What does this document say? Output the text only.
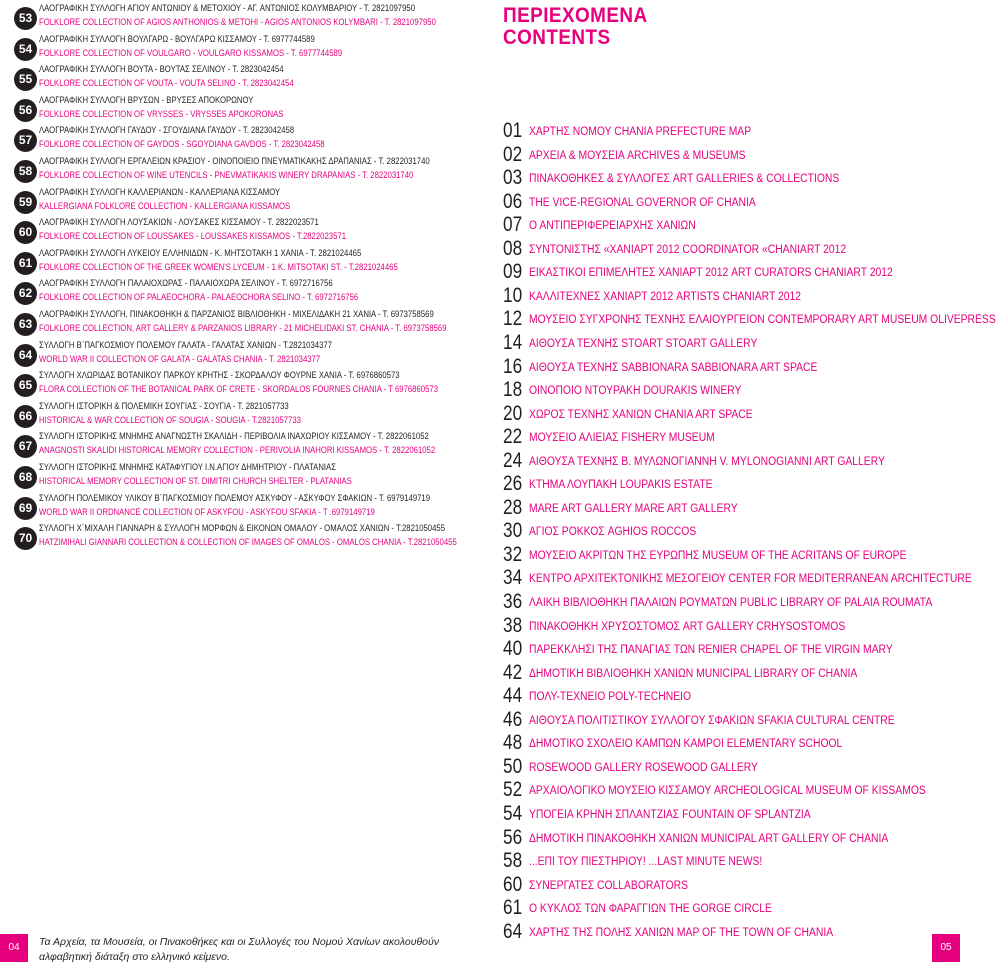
53
ΛΑΟΓΡΑΦΙΚΗ ΣΥΛΛΟΓΗ ΑΓΙΟΥ ΑΝΤΩΝΙΟΥ & ΜΕΤΟΧΙΟΥ - ΑΓ. ΑΝΤΩΝΙΟΣ ΚΟΛΥΜΒΑΡΙΟΥ - Τ. 2821097950
FOLKLORE COLLECTION OF AGIOS ANTHONIOS & METOHI - AGIOS ANTONIOS KOLYMBARI - T. 2821097950
54
ΛΑΟΓΡΑΦΙΚΗ ΣΥΛΛΟΓΗ ΒΟΥΛΓΑΡΩ - ΒΟΥΛΓΑΡΩ ΚΙΣΣΑΜΟΥ - Τ. 6977744589
FOLKLORE COLLECTION OF VOULGARO - VOULGARO KISSAMOS - T. 6977744589
55
ΛΑΟΓΡΑΦΙΚΗ ΣΥΛΛΟΓΗ ΒΟΥΤΑ - ΒΟΥΤΑΣ ΣΕΛΙΝΟΥ - Τ. 2823042454
FOLKLORE COLLECTION OF VOUTA - VOUTA SELINO - T. 2823042454
56
ΛΑΟΓΡΑΦΙΚΗ ΣΥΛΛΟΓΗ ΒΡΥΣΩΝ - ΒΡΥΣΕΣ ΑΠΟΚΟΡΩΝΟΥ
FOLKLORE COLLECTION OF VRYSSES - VRYSSES APOKORONAS
57
ΛΑΟΓΡΑΦΙΚΗ ΣΥΛΛΟΓΗ ΓΑΥΔΟΥ - ΣΓΟΥΔΙΑΝΑ ΓΑΥΔΟΥ - Τ. 2823042458
FOLKLORE COLLECTION OF GAYDOS - SGOYDIANA GAVDOS - T. 2823042458
58
ΛΑΟΓΡΑΦΙΚΗ ΣΥΛΛΟΓΗ ΕΡΓΑΛΕΙΩΝ ΚΡΑΣΙΟΥ - ΟΙΝΟΠΟΙΕΙΟ ΠΝΕΥΜΑΤΙΚΑΚΗΣ ΔΡΑΠΑΝΙΑΣ - Τ. 2822031740
FOLKLORE COLLECTION OF WINE UTENCILS - PNEVMATIKAKIS WINERY DRAPANIAS - T. 2822031740
59
ΛΑΟΓΡΑΦΙΚΗ ΣΥΛΛΟΓΗ ΚΑΛΛΕΡΙΑΝΩΝ - ΚΑΛΛΕΡΙΑΝΑ ΚΙΣΣΑΜΟΥ
KALLERGIANA FOLKLORE COLLECTION - KALLERGIANA KISSAMOS
60
ΛΑΟΓΡΑΦΙΚΗ ΣΥΛΛΟΓΗ ΛΟΥΣΑΚΙΩΝ - ΛΟΥΣΑΚΕΣ ΚΙΣΣΑΜΟΥ - Τ. 2822023571
FOLKLORE COLLECTION OF LOUSSAKES - LOUSSAKES KISSAMOS - T.2822023571
61
ΛΑΟΓΡΑΦΙΚΗ ΣΥΛΛΟΓΗ ΛΥΚΕΙΟΥ ΕΛΛΗΝΙΔΩΝ - Κ. ΜΗΤΣΟΤΑΚΗ 1 ΧΑΝΙΑ - Τ. 2821024465
FOLKLORE COLLECTION OF THE GREEK WOMEN'S LYCEUM - 1 K. MITSOTAKI ST. - T.2821024465
62
ΛΑΟΓΡΑΦΙΚΗ ΣΥΛΛΟΓΗ ΠΑΛΑΙΟΧΩΡΑΣ - ΠΑΛΑΙΟΧΩΡΑ ΣΕΛΙΝΟΥ - Τ. 6972716756
FOLKLORE COLLECTION OF PALAEOCHORA - PALAEOCHORA SELINO - T. 6972716756
63
ΛΑΟΓΡΑΦΙΚΗ ΣΥΛΛΟΓΗ, ΠΙΝΑΚΟΘΗΚΗ & ΠΑΡΖΑΝΙΟΣ ΒΙΒΛΙΟΘΗΚΗ - ΜΙΧΕΛΙΔΑΚΗ 21 ΧΑΝΙΑ - Τ. 6973758569
FOLKLORE COLLECTION, ART GALLERY & PARZANIOS LIBRARY - 21 MICHELIDAKI ST. CHANIA - T. 6973758569
64
ΣΥΛΛΟΓΗ Β΄ΠΑΓΚΟΣΜΙΟΥ ΠΟΛΕΜΟΥ ΓΑΛΑΤΑ - ΓΑΛΑΤΑΣ ΧΑΝΙΩΝ - Τ.2821034377
WORLD WAR II COLLECTION OF GALATA - GALATAS CHANIA - T. 2821034377
65
ΣΥΛΛΟΓΗ ΧΛΩΡΙΔΑΣ ΒΟΤΑΝΙΚΟΥ ΠΑΡΚΟΥ ΚΡΗΤΗΣ - ΣΚΟΡΔΑΛΟΥ ΦΟΥΡΝΕ ΧΑΝΙΑ - Τ. 6976860573
FLORA COLLECTION OF THE BOTANICAL PARK OF CRETE - SKORDALOS FOURNES CHANIA - T 6976860573
66
ΣΥΛΛΟΓΗ ΙΣΤΟΡΙΚΗ & ΠΟΛΕΜΙΚΗ ΣΟΥΓΙΑΣ - ΣΟΥΓΙΑ - Τ. 2821057733
HISTORICAL & WAR COLLECTION OF SOUGIA - SOUGIA - T.2821057733
67
ΣΥΛΛΟΓΗ ΙΣΤΟΡΙΚΗΣ ΜΝΗΜΗΣ ΑΝΑΓΝΩΣΤΗ ΣΚΑΛΙΔΗ - ΠΕΡΙΒΟΛΙΑ ΙΝΑΧΩΡΙΟΥ ΚΙΣΣΑΜΟΥ - Τ. 2822061052
ANAGNOSTI SKALIDI HISTORICAL MEMORY COLLECTION - PERIVOLIA INAHORI KISSAMOS - T. 2822061052
68
ΣΥΛΛΟΓΗ ΙΣΤΟΡΙΚΗΣ ΜΝΗΜΗΣ ΚΑΤΑΦΥΓΙΟΥ Ι.Ν.ΑΓΙΟΥ ΔΗΜΗΤΡΙΟΥ - ΠΛΑΤΑΝΙΑΣ
HISTORICAL MEMORY COLLECTION OF ST. DIMITRI CHURCH SHELTER - PLATANIAS
69
ΣΥΛΛΟΓΗ ΠΟΛΕΜΙΚΟΥ ΥΛΙΚΟΥ Β΄ΠΑΓΚΟΣΜΙΟΥ ΠΟΛΕΜΟΥ ΑΣΚΥΦΟΥ - ΑΣΚΥΦΟΥ ΣΦΑΚΙΩΝ - Τ. 6979149719
WORLD WAR II ORDNANCE COLLECTION OF ASKYFOU - ASKYFOU SFAKIA - T .6979149719
70
ΣΥΛΛΟΓΗ Χ΄ΜΙΧΑΛΗ ΓΙΑΝΝΑΡΗ & ΣΥΛΛΟΓΗ ΜΟΡΦΩΝ & ΕΙΚΟΝΩΝ ΟΜΑΛΟΥ - ΟΜΑΛΟΣ ΧΑΝΙΩΝ - Τ.2821050455
HATZIMIHALI GIANNARI COLLECTION & COLLECTION OF IMAGES OF OMALOS - OMALOS CHANIA - T.2821050455
ΠΕΡΙΕΧΟΜΕΝΑ
CONTENTS
01 ΧΑΡΤΗΣ ΝΟΜΟΥ CHANIA PREFECTURE MAP
02 ΑΡΧΕΙΑ & ΜΟΥΣΕΙΑ ARCHIVES & MUSEUMS
03 ΠΙΝΑΚΟΘΗΚΕΣ & ΣΥΛΛΟΓΕΣ ART GALLERIES & COLLECTIONS
06 THE VICE-REGIONAL GOVERNOR OF CHANIA
07 Ο ΑΝΤΙΠΕΡΙΦΕΡΕΙΑΡΧΗΣ ΧΑΝΙΩΝ
08 ΣΥΝΤΟΝΙΣΤΗΣ «ΧΑΝΙΑΡΤ 2012 COORDINATOR «CHANIART 2012
09 ΕΙΚΑΣΤΙΚΟΙ ΕΠΙΜΕΛΗΤΕΣ ΧΑΝΙΑΡΤ 2012 ART CURATORS CHANIART 2012
10 ΚΑΛΛΙΤΕΧΝΕΣ ΧΑΝΙΑΡΤ 2012 ARTISTS CHANIART 2012
12 ΜΟΥΣΕΙΟ ΣΥΓΧΡΟΝΗΣ ΤΕΧΝΗΣ ΕΛΑΙΟΥΡΓΕΙΟΝ CONTEMPORARY ART MUSEUM OLIVEPRESS
14 ΑΙΘΟΥΣΑ ΤΕΧΝΗΣ STOART STOART GALLERY
16 ΑΙΘΟΥΣΑ ΤΕΧΝΗΣ SABBIONARA SABBIONARA ART SPACE
18 ΟΙΝΟΠΟΙΟ ΝΤΟΥΡΑΚΗ DOURAKIS WINERY
20 ΧΩΡΟΣ ΤΕΧΝΗΣ ΧΑΝΙΩΝ CHANIA ART SPACE
22 ΜΟΥΣΕΙΟ ΑΛΙΕΙΑΣ FISHERY MUSEUM
24 ΑΙΘΟΥΣΑ ΤΕΧΝΗΣ Β. ΜΥΛΩΝΟΓΙΑΝΝΗ V. MYLONOGIANNI ART GALLERY
26 ΚΤΗΜΑ ΛΟΥΠΑΚΗ LOUPAKIS ESTATE
28 MARE ART GALLERY MARE ART GALLERY
30 ΑΓΙΟΣ ΡΟΚΚΟΣ AGHIOS ROCCOS
32 ΜΟΥΣΕΙΟ ΑΚΡΙΤΩΝ ΤΗΣ ΕΥΡΩΠΗΣ MUSEUM OF THE ACRITANS OF EUROPE
34 ΚΕΝΤΡΟ ΑΡΧΙΤΕΚΤΟΝΙΚΗΣ ΜΕΣΟΓΕΙΟΥ CENTER FOR MEDITERRANEAN ARCHITECTURE
36 ΛΑΪΚΗ ΒΙΒΛΙΟΘΗΚΗ ΠΑΛΑΙΩΝ ΡΟΥΜΑΤΩΝ PUBLIC LIBRARY OF PALAIA ROUMATA
38 ΠΙΝΑΚΟΘΗΚΗ ΧΡΥΣΟΣΤΟΜΟΣ ART GALLERY CRHYSOSTOMOS
40 ΠΑΡΕΚΚΛΗΣΙ ΤΗΣ ΠΑΝΑΓΙΑΣ ΤΩΝ RENIER CHAPEL OF THE VIRGIN MARY
42 ΔΗΜΟΤΙΚΗ ΒΙΒΛΙΟΘΗΚΗ ΧΑΝΙΩΝ MUNICIPAL LIBRARY OF CHANIA
44 ΠΟΛΥ-ΤΕΧΝΕΙΟ POLY-TECHNEIO
46 ΑΙΘΟΥΣΑ ΠΟΛΙΤΙΣΤΙΚΟΥ ΣΥΛΛΟΓΟΥ ΣΦΑΚΙΩΝ SFAKIA CULTURAL CENTRE
48 ΔΗΜΟΤΙΚΟ ΣΧΟΛΕΙΟ ΚΑΜΠΩΝ KAMPOI ELEMENTARY SCHOOL
50 ROSEWOOD GALLERY ROSEWOOD GALLERY
52 ΑΡΧΑΙΟΛΟΓΙΚΟ ΜΟΥΣΕΙΟ ΚΙΣΣΑΜΟΥ ARCHEOLOGICAL MUSEUM OF KISSAMOS
54 ΥΠΟΓΕΙΑ ΚΡΗΝΗ ΣΠΛΑΝΤΖΙΑΣ FOUNTAIN OF SPLANTZIA
56 ΔΗΜΟΤΙΚΗ ΠΙΝΑΚΟΘΗΚΗ ΧΑΝΙΩΝ MUNICIPAL ART GALLERY OF CHANIA
58 ...ΕΠΙ ΤΟΥ ΠΙΕΣΤΗΡΙΟΥ! ...LAST MINUTE NEWS!
60 ΣΥΝΕΡΓΑΤΕΣ COLLABORATORS
61 Ο ΚΥΚΛΟΣ ΤΩΝ ΦΑΡΑΓΓΙΩΝ THE GORGE CIRCLE
64 ΧΑΡΤΗΣ ΤΗΣ ΠΟΛΗΣ ΧΑΝΙΩΝ MAP OF THE TOWN OF CHANIA
Τα Αρχεία, τα Μουσεία, οι Πινακοθήκες και οι Συλλογές του Νομού Χανίων ακολουθούν
αλφαβητική διάταξη στο ελληνικό κείμενο.
04	05
